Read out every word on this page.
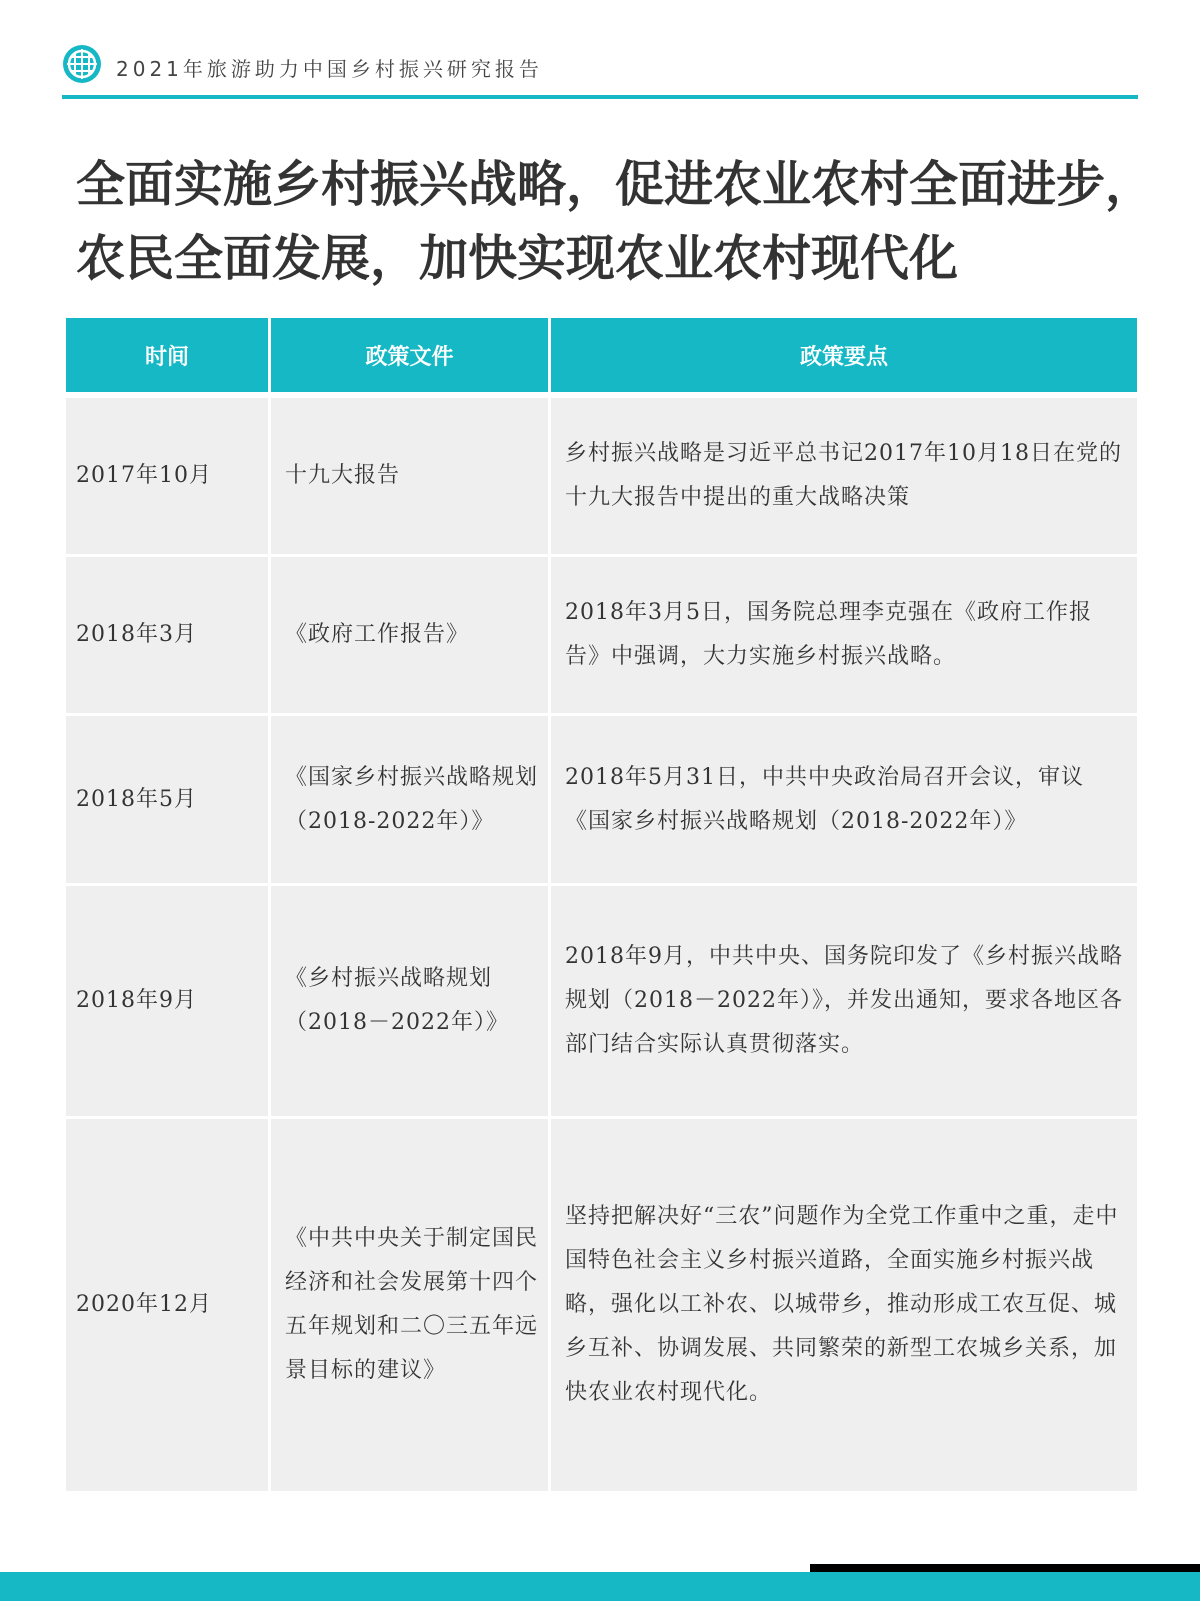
2021年旅游助力中国乡村振兴研究报告
全面实施乡村振兴战略，促进农业农村全面进步，
农民全面发展，加快实现农业农村现代化
时间	政策文件	政策要点
2017年10月	十九大报告	乡村振兴战略是习近平总书记2017年10月18日在党的十九大报告中提出的重大战略决策
2018年3月	《政府工作报告》	2018年3月5日，国务院总理李克强在《政府工作报告》中强调，大力实施乡村振兴战略。
2018年5月	《国家乡村振兴战略规划（2018-2022年）》	2018年5月31日，中共中央政治局召开会议，审议《国家乡村振兴战略规划（2018-2022年）》
2018年9月	《乡村振兴战略规划（2018－2022年）》	2018年9月，中共中央、国务院印发了《乡村振兴战略规划（2018－2022年）》，并发出通知，要求各地区各部门结合实际认真贯彻落实。
2020年12月	《中共中央关于制定国民经济和社会发展第十四个五年规划和二〇三五年远景目标的建议》	坚持把解决好“三农”问题作为全党工作重中之重，走中国特色社会主义乡村振兴道路，全面实施乡村振兴战略，强化以工补农、以城带乡，推动形成工农互促、城乡互补、协调发展、共同繁荣的新型工农城乡关系，加快农业农村现代化。
